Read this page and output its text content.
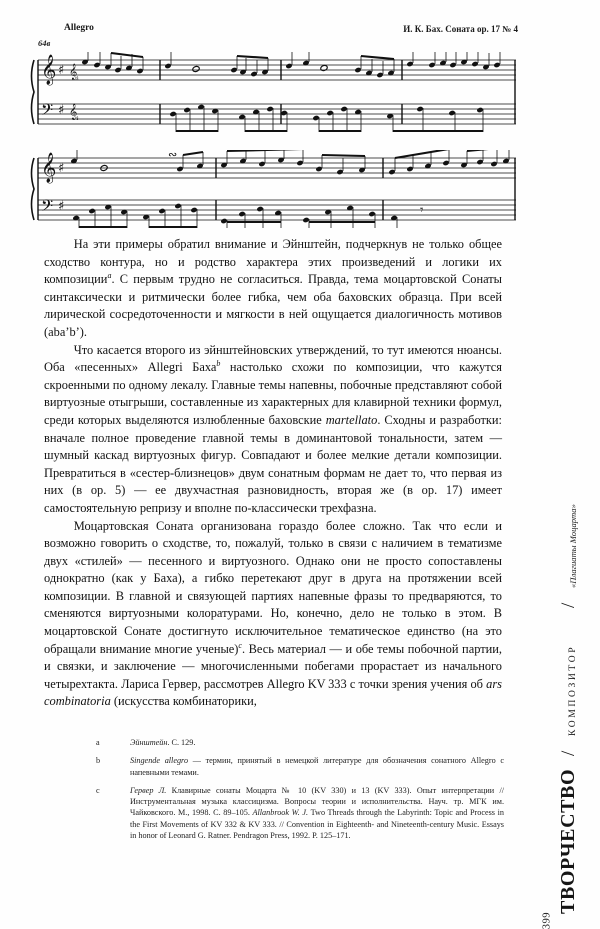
64в
Allegro	И. К. Бах. Соната ор. 17 № 4
𝄞
𝄢
♯
♯
𝄠
𝄠
𝄞
𝄢
♯
♯
∾
𝄾

На эти примеры обратил внимание и Эйнштейн, подчеркнув не только общее сходство контура, но и родство характера этих произведений и логики их композиции$^a$. С первым трудно не согласиться. Правда, тема моцартовской Сонаты синтаксически и ритмически более гибка, чем оба баховских образца. При всей лирической сосредоточенности и мягкости в ней ощущается диалогичность мотивов (aba’b’).

Что касается второго из эйнштейновских утверждений, то тут имеются нюансы. Оба «песенных» Allegri Баха$^b$ настолько схожи по композиции, что кажутся скроенными по одному лекалу. Главные темы напевны, побочные представляют собой виртуозные отыгрыши, составленные из характерных для клавирной техники формул, среди которых выделяются излюбленные баховские martellato. Сходны и разработки: вначале полное проведение главной темы в доминантовой тональности, затем — шумный каскад виртуозных фигур. Совпадают и более мелкие детали композиции. Превратиться в «сестер-близнецов» двум сонатным формам не дает то, что первая из них (в ор. 5) — ее двухчастная разновидность, вторая же (в ор. 17) имеет самостоятельную репризу и вполне по-классически трехфазна.

Моцартовская Соната организована гораздо более сложно. Так что если и возможно говорить о сходстве, то, пожалуй, только в связи с наличием в тематизме двух «стилей» — песенного и виртуозного. Однако они не просто сопоставлены однократно (как у Баха), а гибко перетекают друг в друга на протяжении всей композиции. В главной и связующей партиях напевные фразы то предваряются, то сменяются виртуозными колоратурами. Но, конечно, дело не только в этом. В моцартовской Сонате достигнуто исключительное тематическое единство (на это обращали внимание многие ученые)$^c$. Весь материал — и обе темы побочной партии, и связки, и заключение — многочисленными побегами прорастает из начального четырехтакта. Лариса Гервер, рассмотрев Allegro KV 333 с точки зрения учения об ars combinatoria (искусства комбинаторики,

a	Эйнштейн. С. 129.
b	Singende allegro — термин, принятый в немецкой литературе для обозначения сонатного Allegro с напевными темами.
c	Гервер Л. Клавирные сонаты Моцарта № 10 (KV 330) и 13 (KV 333). Опыт интерпретации // Инструментальная музыка классицизма. Вопросы теории и исполнительства. Науч. тр. МГК им. Чайковского. М., 1998. С. 89–105. Allanbrook W. J. Two Threads through the Labyrinth: Topic and Process in the First Movements of KV 332 & KV 333. // Convention in Eighteenth- and Nineteenth-century Music. Essays in honor of Leonard G. Ratner. Pendragon Press, 1992. P. 125–171.	ТВОРЧЕСТВО
/
КОМПОЗИТОР
/
«Плагиаты Моцарта»
399
